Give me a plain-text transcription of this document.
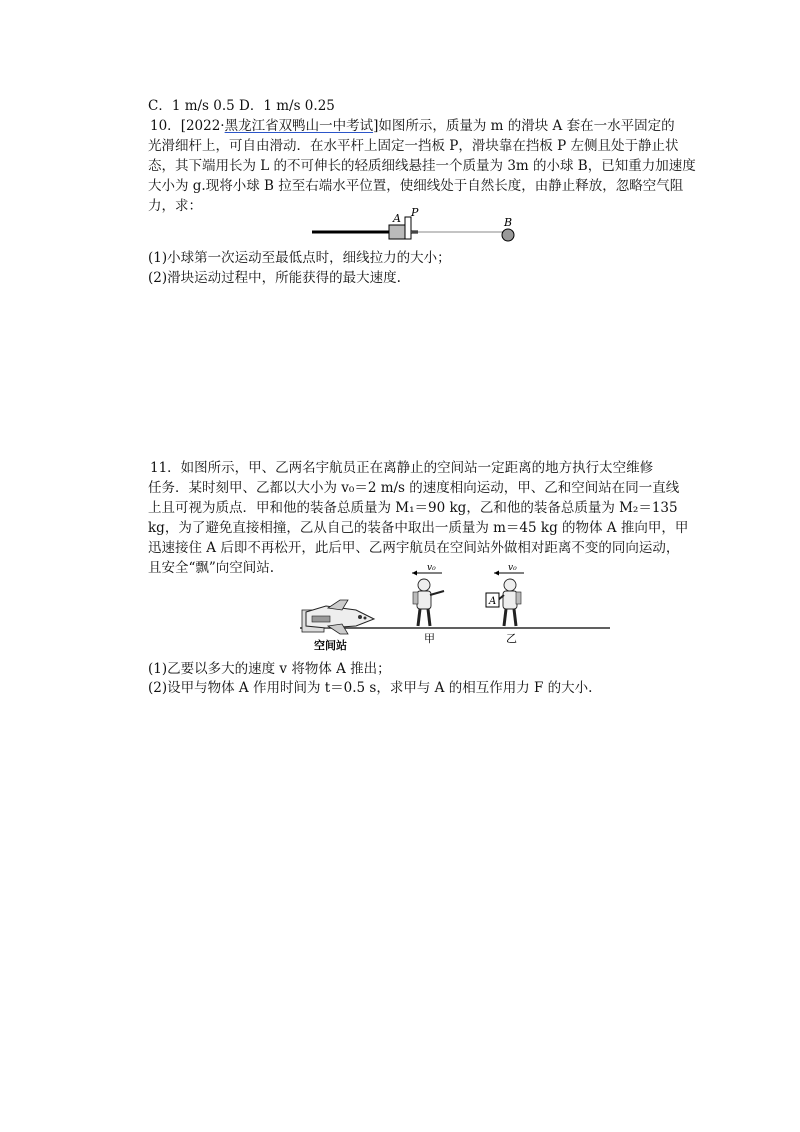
C．1 m/s 0.5 D．1 m/s 0.25
10．[2022·黑龙江省双鸭山一中考试]如图所示，质量为 m 的滑块 A 套在一水平固定的
光滑细杆上，可自由滑动．在水平杆上固定一挡板 P，滑块靠在挡板 P 左侧且处于静止状
态，其下端用长为 L 的不可伸长的轻质细线悬挂一个质量为 3m 的小球 B，已知重力加速度
大小为 g.现将小球 B 拉至右端水平位置，使细线处于自然长度，由静止释放，忽略空气阻
力，求：
A P
B
(1)小球第一次运动至最低点时，细线拉力的大小；
(2)滑块运动过程中，所能获得的最大速度.
11．如图所示，甲、乙两名宇航员正在离静止的空间站一定距离的地方执行太空维修
任务．某时刻甲、乙都以大小为 v₀＝2 m/s 的速度相向运动，甲、乙和空间站在同一直线
上且可视为质点．甲和他的装备总质量为 M₁＝90 kg，乙和他的装备总质量为 M₂＝135
kg，为了避免直接相撞，乙从自己的装备中取出一质量为 m＝45 kg 的物体 A 推向甲，甲
迅速接住 A 后即不再松开，此后甲、乙两宇航员在空间站外做相对距离不变的同向运动，
且安全“飘”向空间站.	v₀
A
v₀
空间站
甲	乙
(1)乙要以多大的速度 v 将物体 A 推出；
(2)设甲与物体 A 作用时间为 t＝0.5 s，求甲与 A 的相互作用力 F 的大小.
